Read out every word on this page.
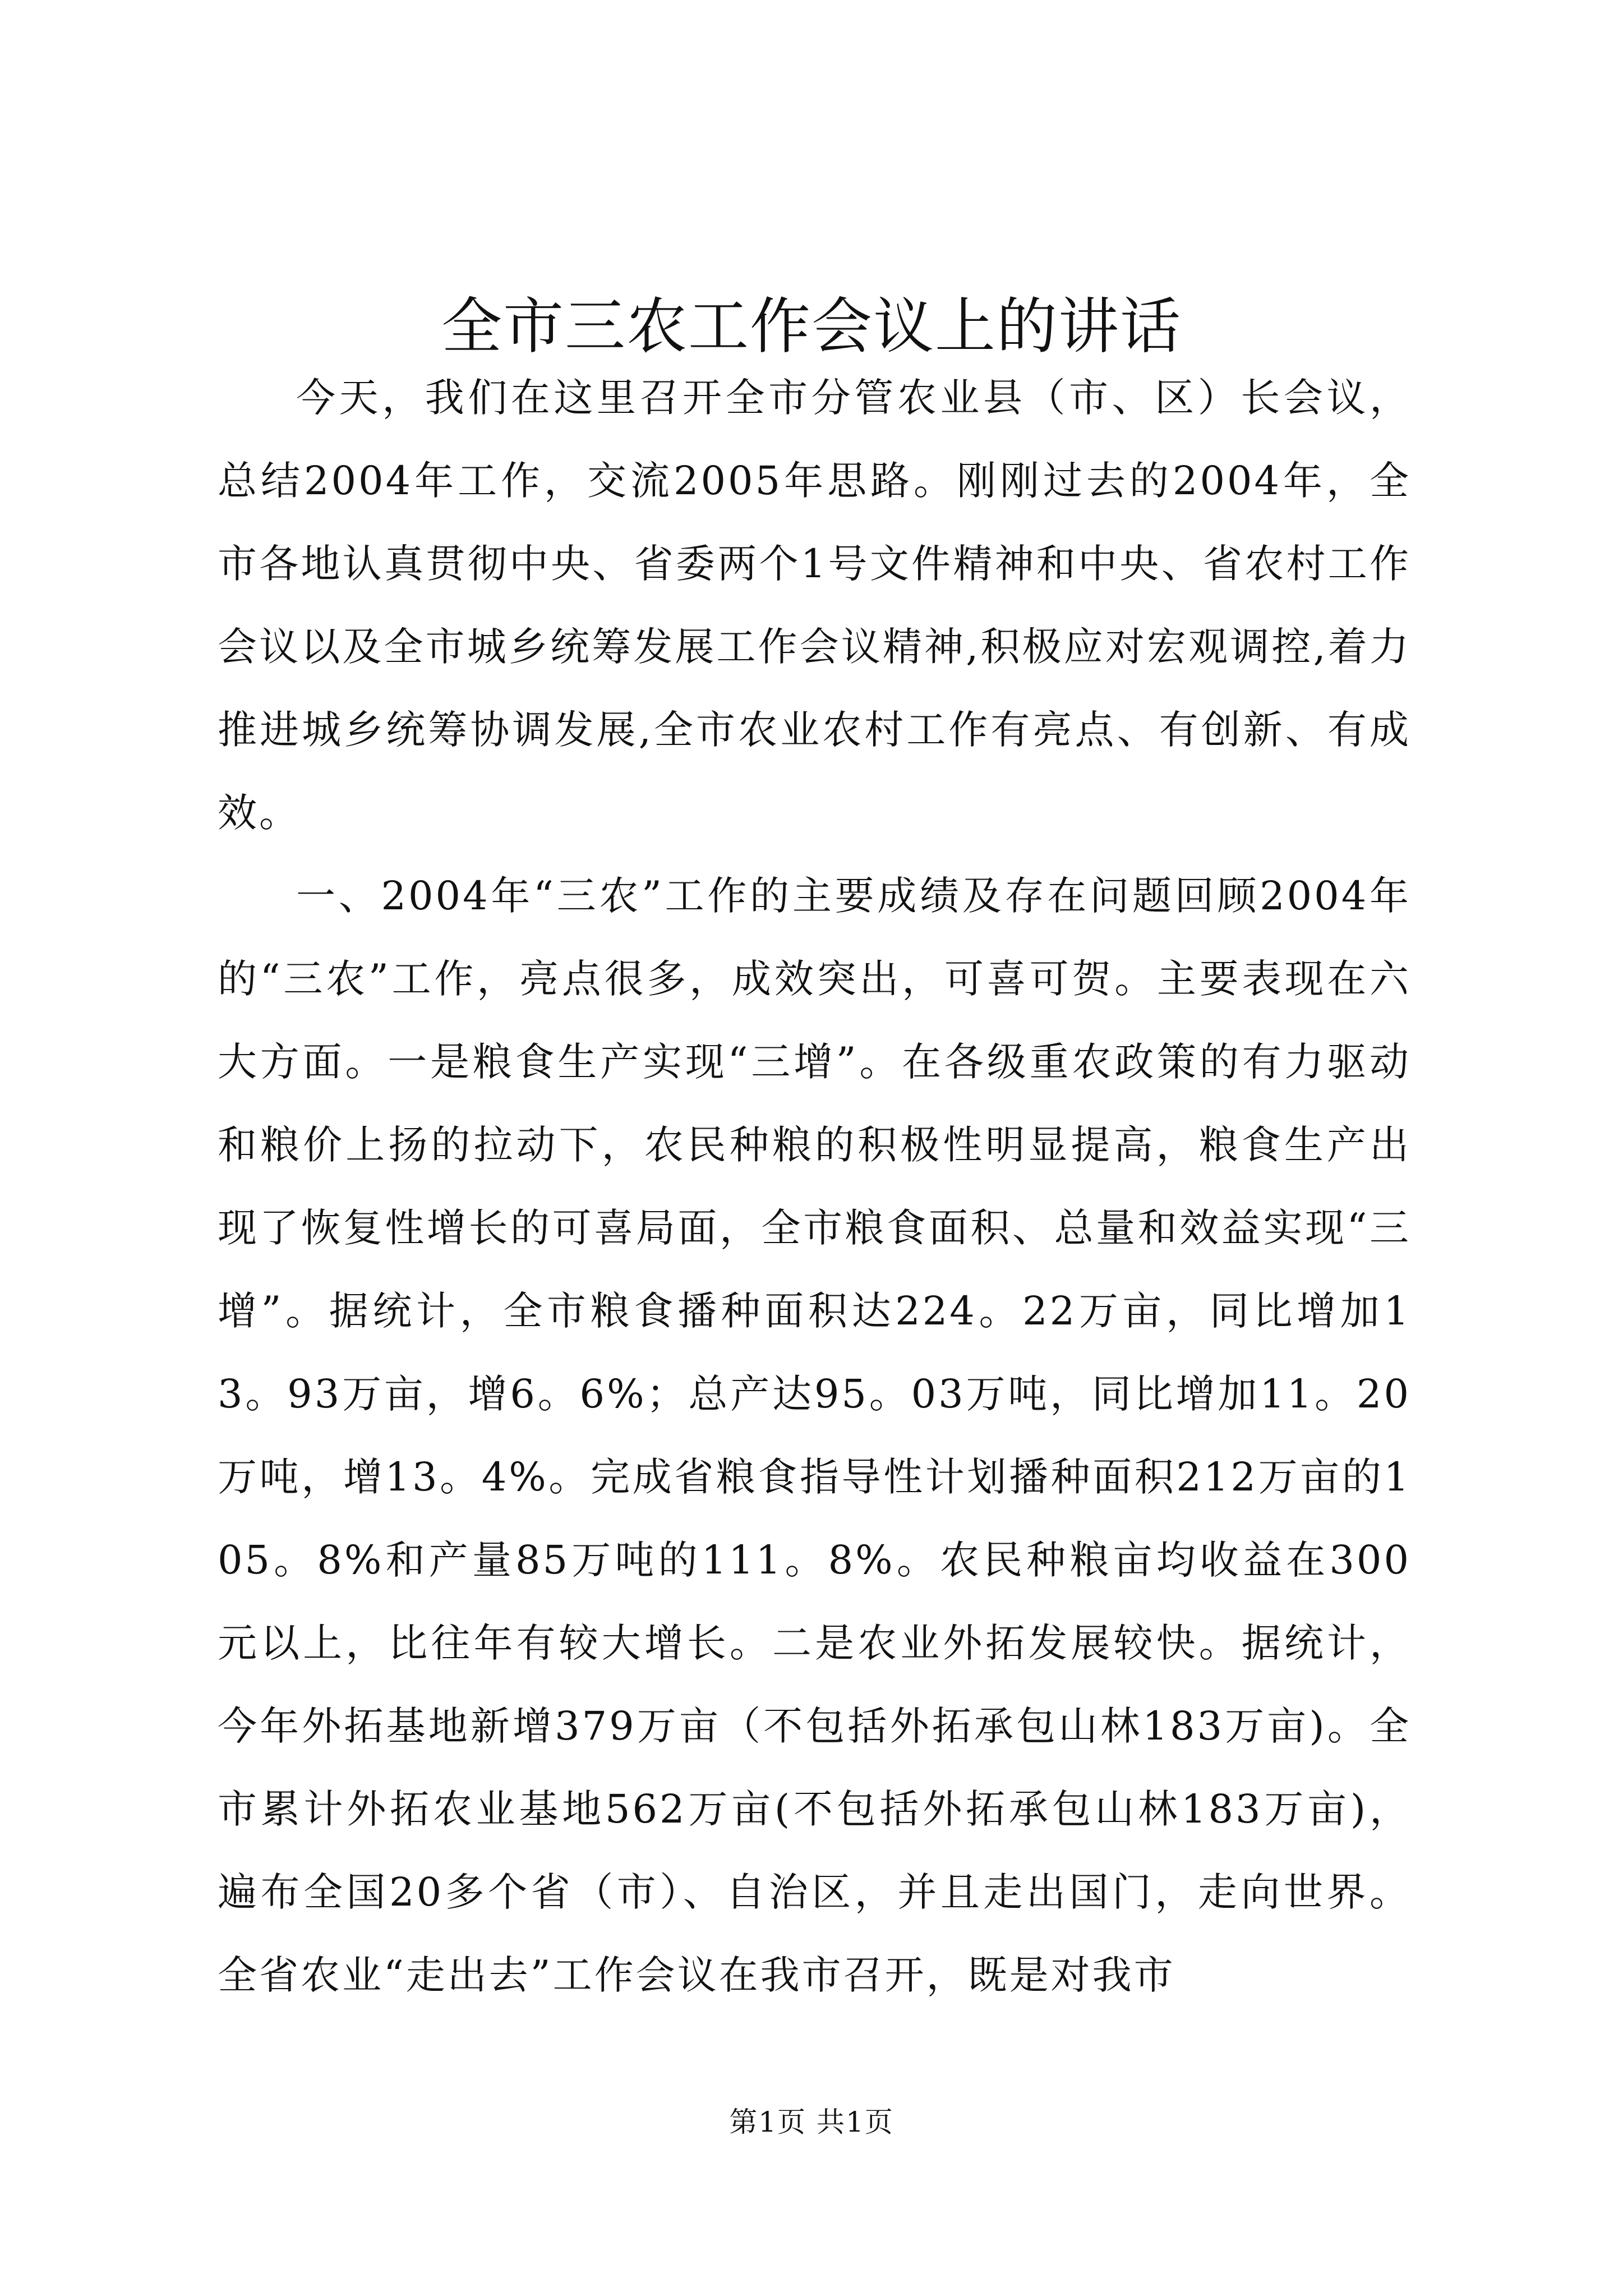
全市三农工作会议上的讲话

今天，我们在这里召开全市分管农业县（市、区）长会议，总结2004年工作，交流2005年思路。刚刚过去的2004年，全市各地认真贯彻中央、省委两个1号文件精神和中央、省农村工作会议以及全市城乡统筹发展工作会议精神,积极应对宏观调控,着力推进城乡统筹协调发展,全市农业农村工作有亮点、有创新、有成效。

一、2004年“三农”工作的主要成绩及存在问题回顾2004年的“三农”工作，亮点很多，成效突出，可喜可贺。主要表现在六大方面。一是粮食生产实现“三增”。在各级重农政策的有力驱动和粮价上扬的拉动下，农民种粮的积极性明显提高，粮食生产出现了恢复性增长的可喜局面，全市粮食面积、总量和效益实现“三增”。据统计，全市粮食播种面积达224。22万亩，同比增加13。93万亩，增6。6%；总产达95。03万吨，同比增加11。20万吨，增13。4%。完成省粮食指导性计划播种面积212万亩的105。8%和产量85万吨的111。8%。农民种粮亩均收益在300元以上，比往年有较大增长。二是农业外拓发展较快。据统计，今年外拓基地新增379万亩（不包括外拓承包山林183万亩)。全市累计外拓农业基地562万亩(不包括外拓承包山林183万亩)，遍布全国20多个省（市）、自治区，并且走出国门，走向世界。全省农业“走出去”工作会议在我市召开，既是对我市

第1页 共1页
